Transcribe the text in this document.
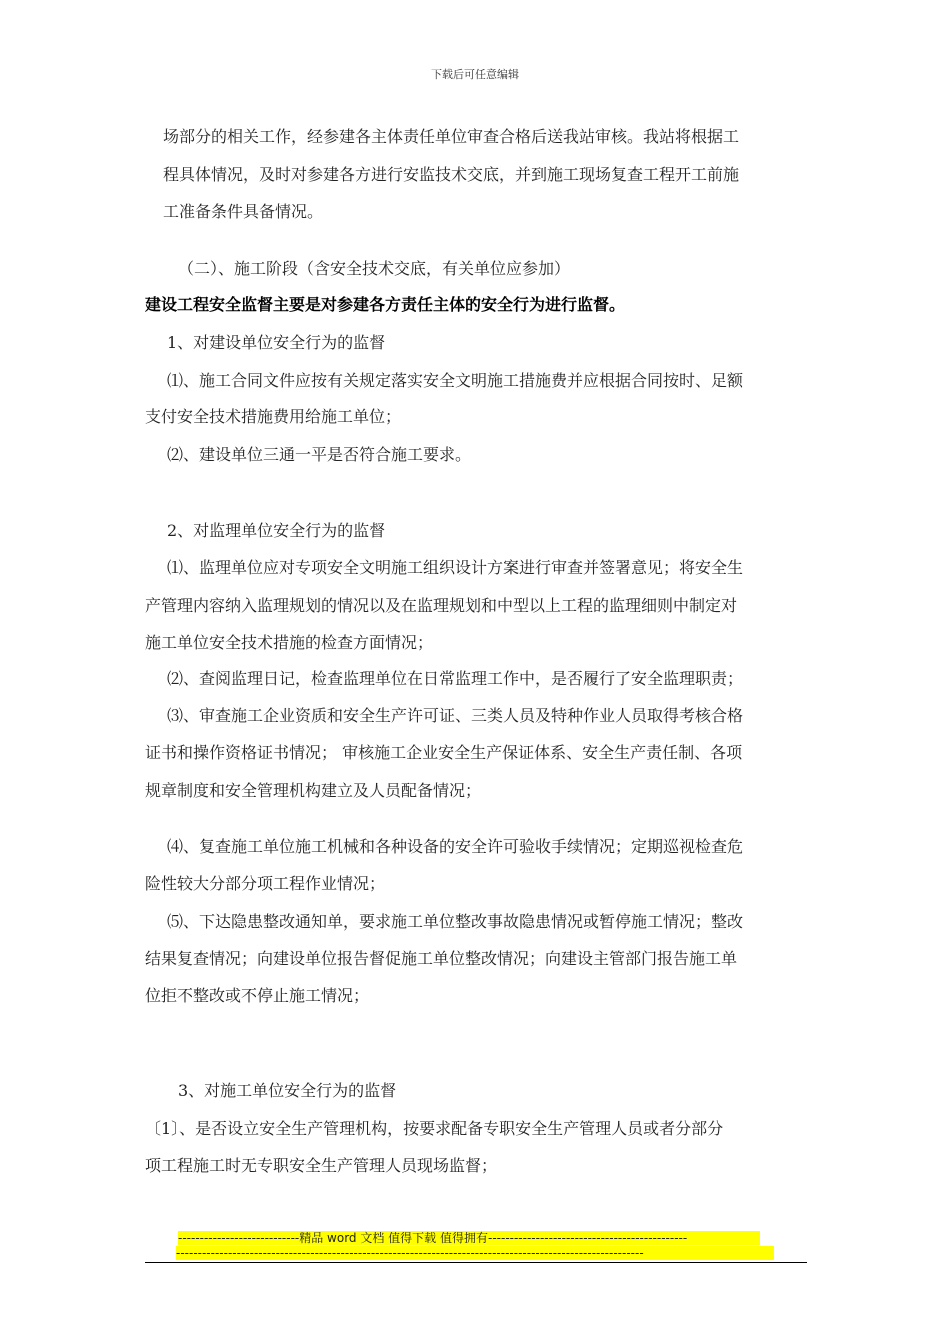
下载后可任意编辑
场部分的相关工作，经参建各主体责任单位审查合格后送我站审核。我站将根据工
程具体情况，及时对参建各方进行安监技术交底，并到施工现场复查工程开工前施
工准备条件具备情况。
（二）、施工阶段（含安全技术交底，有关单位应参加）
建设工程安全监督主要是对参建各方责任主体的安全行为进行监督。
1、对建设单位安全行为的监督
⑴、施工合同文件应按有关规定落实安全文明施工措施费并应根据合同按时、足额
支付安全技术措施费用给施工单位；
⑵、建设单位三通一平是否符合施工要求。
2、对监理单位安全行为的监督
⑴、监理单位应对专项安全文明施工组织设计方案进行审查并签署意见；将安全生
产管理内容纳入监理规划的情况以及在监理规划和中型以上工程的监理细则中制定对
施工单位安全技术措施的检查方面情况；
⑵、查阅监理日记，检查监理单位在日常监理工作中，是否履行了安全监理职责；
⑶、审查施工企业资质和安全生产许可证、三类人员及特种作业人员取得考核合格
证书和操作资格证书情况； 审核施工企业安全生产保证体系、安全生产责任制、各项
规章制度和安全管理机构建立及人员配备情况；
⑷、复查施工单位施工机械和各种设备的安全许可验收手续情况；定期巡视检查危
险性较大分部分项工程作业情况；
⑸、下达隐患整改通知单，要求施工单位整改事故隐患情况或暂停施工情况；整改
结果复查情况；向建设单位报告督促施工单位整改情况；向建设主管部门报告施工单
位拒不整改或不停止施工情况；
3、对施工单位安全行为的监督
〔1〕、是否设立安全生产管理机构，按要求配备专职安全生产管理人员或者分部分
项工程施工时无专职安全生产管理人员现场监督；
----------------------------精品 word 文档 值得下载 值得拥有----------------------------------------------
------------------------------------------------------------------------------------------------------------
